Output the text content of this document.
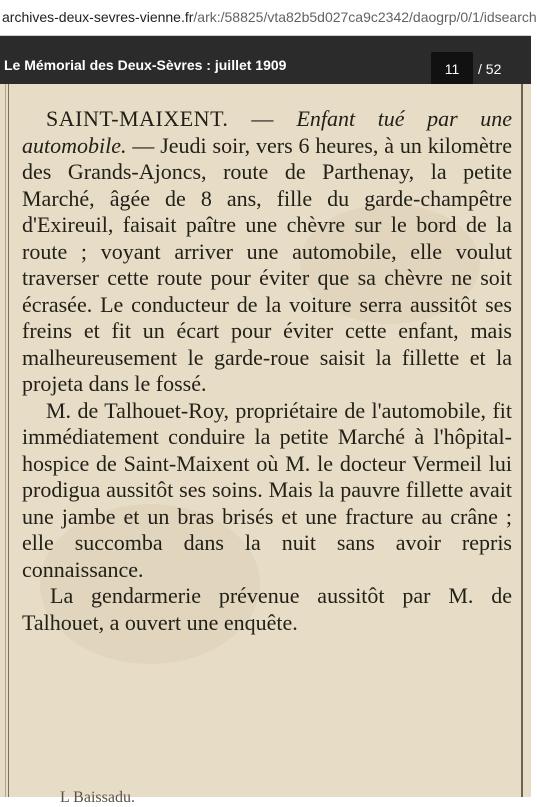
archives-deux-sevres-vienne.fr/ark:/58825/vta82b5d027ca9c2342/daogrp/0/1/idsearch
Le Mémorial des Deux-Sèvres : juillet 1909	11	/ 52

SAINT-MAIXENT. — Enfant tué par une automobile. — Jeudi soir, vers 6 heures, à un kilomètre des Grands-Ajoncs, route de Parthenay, la petite Marché, âgée de 8 ans, fille du garde-champêtre d'Exireuil, faisait paître une chèvre sur le bord de la route ; voyant arriver une automobile, elle voulut traverser cette route pour éviter que sa chèvre ne soit écrasée. Le conducteur de la voiture serra aussitôt ses freins et fit un écart pour éviter cette enfant, mais malheureusement le garde-roue saisit la fillette et la projeta dans le fossé.

M. de Talhouet-Roy, propriétaire de l'automobile, fit immédiatement conduire la petite Marché à l'hôpital-hospice de Saint-Maixent où M. le docteur Vermeil lui prodigua aussitôt ses soins. Mais la pauvre fillette avait une jambe et un bras brisés et une fracture au crâne ; elle succomba dans la nuit sans avoir repris connaissance.

La gendarmerie prévenue aussitôt par M. de Talhouet, a ouvert une enquête.

L Baissadu.
